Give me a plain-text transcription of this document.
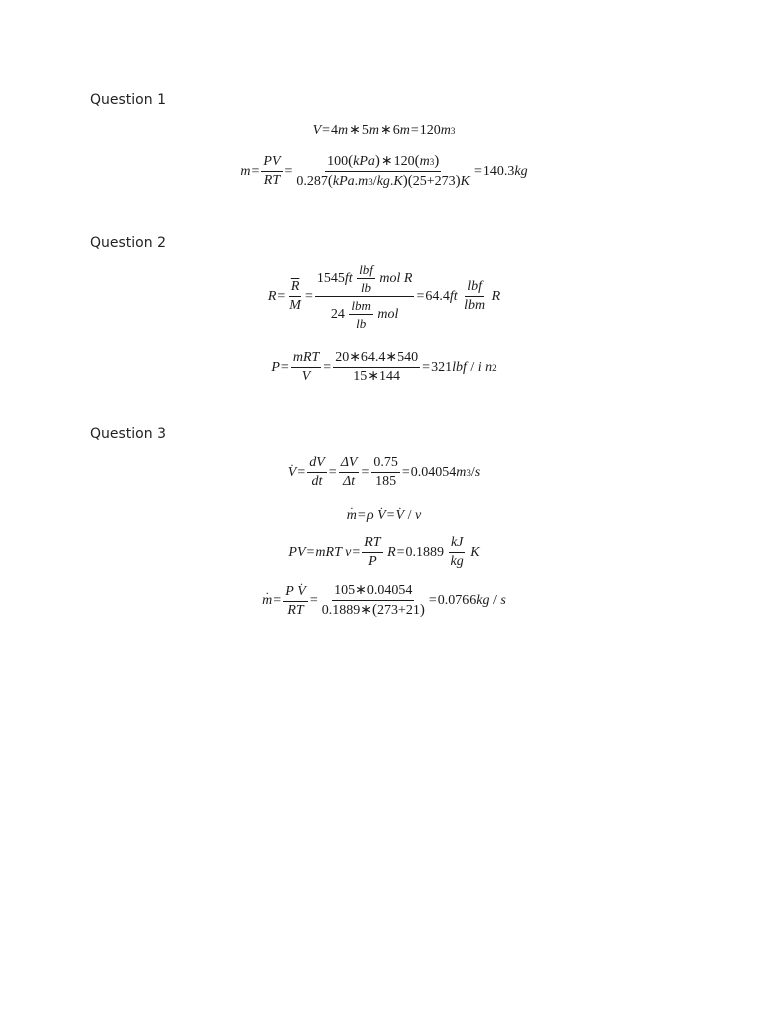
Question 1
V = 4 m ∗ 5 m ∗ 6 m = 120 m 3
$m = \frac{PV}{RT} = \frac{\text{100 ( kPa ) ∗ 120 ( m 3 )}}{\text{0.287 ( kPa . m 3 / kg . K ) ( 25+273 ) K}} = 140.3$ kg
Question 2
$R = \frac{\overline{R}}{M} = 1545$ ft
$\frac{\text{lbf}}{lb}$
mol R
$24 \frac{\text{lbm}}{lb}$
mol = 64.4 ft
$\frac{\text{lbf}}{\text{lbm}}$
R
$P = \frac{\text{mRT}}{V} = \frac{20∗64.4∗540}{15∗144} = 321$ lbf / i n 2
Question 3
· $V = \frac{dV}{dt} = \frac{\Delta V}{\Delta t} = \frac{0.75}{185} = 0.04054$ m 3 / s
· m = ρ
· V = · V / v
PV = mRT $v = \frac{RT}{P}$
$R = 0.1889 \frac{kJ}{kg}$
K
· m = P
· V
RT = $\frac{105∗0.04054}{0.1889∗ ( 273+21 )} = 0.0766$ kg / s
